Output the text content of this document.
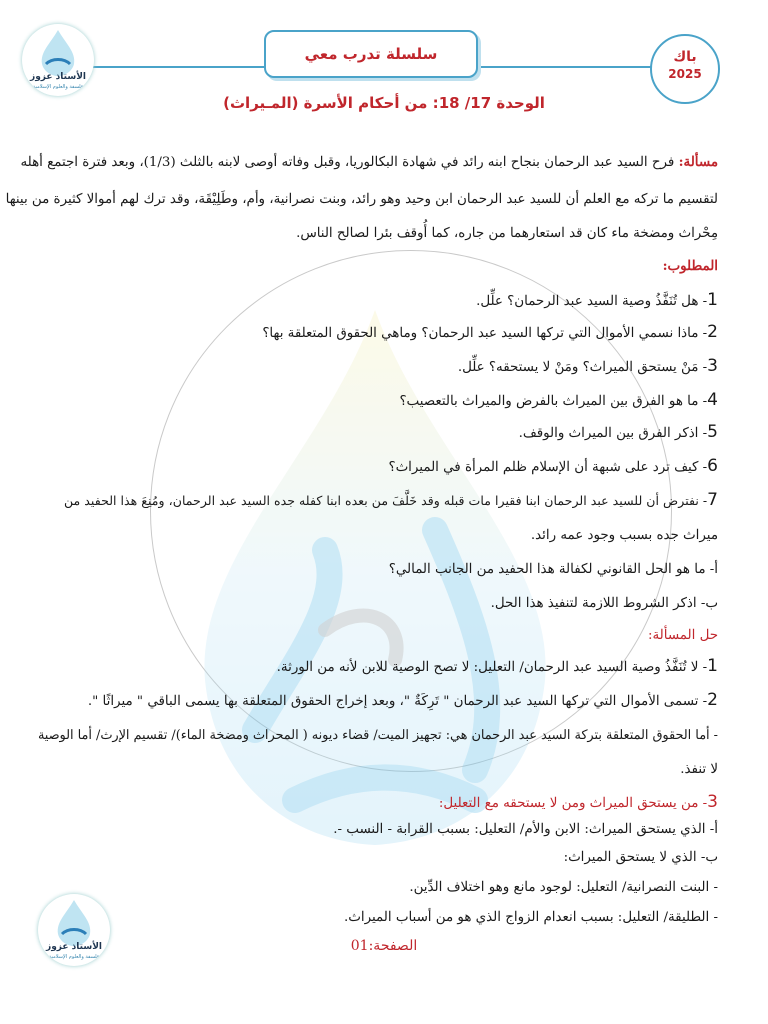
سلسلة تدرب معي	باك
2025
الأستاذ عزوز
فلسفة والعلوم الإسلامية
الوحدة 17/ 18: من أحكام الأسرة (المـيراث)
مسألة: فرح السيد عبد الرحمان بنجاح ابنه رائد في شهادة البكالوريا، وقبل وفاته أوصى لابنه بالثلث (1/3)، وبعد فترة اجتمع أهله
لتقسيم ما تركه مع العلم أن للسيد عبد الرحمان ابن وحيد وهو رائد، وبنت نصرانية، وأم، وطَلِيْقَة، وقد ترك لهم أموالا كثيرة من بينها
مِحْراث ومضخة ماء كان قد استعارهما من جاره، كما أُوقف بئرا لصالح الناس.
المطلوب:
1- هل تُنَفَّذُ وصية السيد عبد الرحمان؟ علِّل.
2- ماذا نسمي الأموال التي تركها السيد عبد الرحمان؟ وماهي الحقوق المتعلقة بها؟
3- مَنْ يستحق الميراث؟ ومَنْ لا يستحقه؟ علِّل.
4- ما هو الفرق بين الميراث بالفرض والميراث بالتعصيب؟
5- اذكر الفرق بين الميراث والوقف.
6- كيف ترد على شبهة أن الإسلام ظلم المرأة في الميراث؟
7- نفترض أن للسيد عبد الرحمان ابنا فقيرا مات قبله وقد خَلَّفَ من بعده ابنا كفله جده السيد عبد الرحمان، ومُنِعَ هذا الحفيد من
ميراث جده بسبب وجود عمه رائد.
أ- ما هو الحل القانوني لكفالة هذا الحفيد من الجانب المالي؟
ب- اذكر الشروط اللازمة لتنفيذ هذا الحل.
حل المسألة:
1- لا تُنَفَّذُ وصية السيد عبد الرحمان/ التعليل: لا تصح الوصية للابن لأنه من الورثة.
2- تسمى الأموال التي تركها السيد عبد الرحمان " تَرِكَةٌ "، وبعد إخراج الحقوق المتعلقة بها يسمى الباقي " ميراثًا ".
- أما الحقوق المتعلقة بتركة السيد عبد الرحمان هي: تجهيز الميت/ قضاء ديونه ( المحراث ومضخة الماء)/ تقسيم الإرث/ أما الوصية
لا تنفذ.
3- من يستحق الميراث ومن لا يستحقه مع التعليل:
أ- الذي يستحق الميراث: الابن والأم/ التعليل: بسبب القرابة - النسب -.
ب- الذي لا يستحق الميراث:
- البنت النصرانية/ التعليل: لوجود مانع وهو اختلاف الدِّين.
- الطليقة/ التعليل: بسبب انعدام الزواج الذي هو من أسباب الميراث.
الأستاذ عزوز
فلسفة والعلوم الإسلامية
الصفحة:01
